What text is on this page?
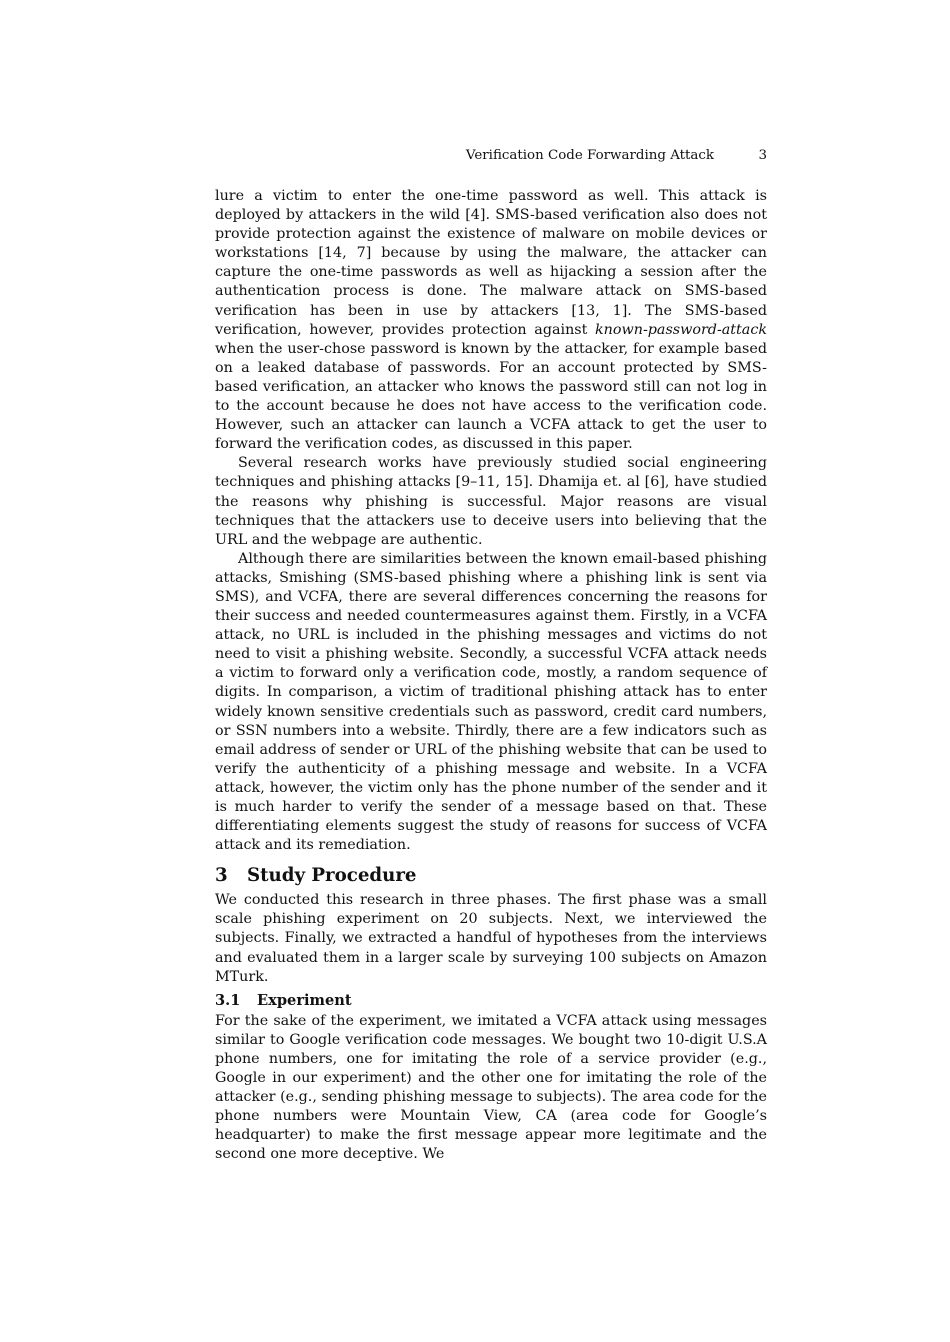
Verification Code Forwarding Attack	3

lure a victim to enter the one-time password as well. This attack is deployed by attackers in the wild [4]. SMS-based verification also does not provide protection against the existence of malware on mobile devices or workstations [14, 7] because by using the malware, the attacker can capture the one-time passwords as well as hijacking a session after the authentication process is done. The malware attack on SMS-based verification has been in use by attackers [13, 1]. The SMS-based verification, however, provides protection against known-password-attack when the user-chose password is known by the attacker, for example based on a leaked database of passwords. For an account protected by SMS-based verification, an attacker who knows the password still can not log in to the account because he does not have access to the verification code. However, such an attacker can launch a VCFA attack to get the user to forward the verification codes, as discussed in this paper.

Several research works have previously studied social engineering techniques and phishing attacks [9–11, 15]. Dhamija et. al [6], have studied the reasons why phishing is successful. Major reasons are visual techniques that the attackers use to deceive users into believing that the URL and the webpage are authentic.

Although there are similarities between the known email-based phishing attacks, Smishing (SMS-based phishing where a phishing link is sent via SMS), and VCFA, there are several differences concerning the reasons for their success and needed countermeasures against them. Firstly, in a VCFA attack, no URL is included in the phishing messages and victims do not need to visit a phishing website. Secondly, a successful VCFA attack needs a victim to forward only a verification code, mostly, a random sequence of digits. In comparison, a victim of traditional phishing attack has to enter widely known sensitive credentials such as password, credit card numbers, or SSN numbers into a website. Thirdly, there are a few indicators such as email address of sender or URL of the phishing website that can be used to verify the authenticity of a phishing message and website. In a VCFA attack, however, the victim only has the phone number of the sender and it is much harder to verify the sender of a message based on that. These differentiating elements suggest the study of reasons for success of VCFA attack and its remediation.

3 Study Procedure

We conducted this research in three phases. The first phase was a small scale phishing experiment on 20 subjects. Next, we interviewed the subjects. Finally, we extracted a handful of hypotheses from the interviews and evaluated them in a larger scale by surveying 100 subjects on Amazon MTurk.

3.1 Experiment

For the sake of the experiment, we imitated a VCFA attack using messages similar to Google verification code messages. We bought two 10-digit U.S.A phone numbers, one for imitating the role of a service provider (e.g., Google in our experiment) and the other one for imitating the role of the attacker (e.g., sending phishing message to subjects). The area code for the phone numbers were Mountain View, CA (area code for Google’s headquarter) to make the first message appear more legitimate and the second one more deceptive. We
